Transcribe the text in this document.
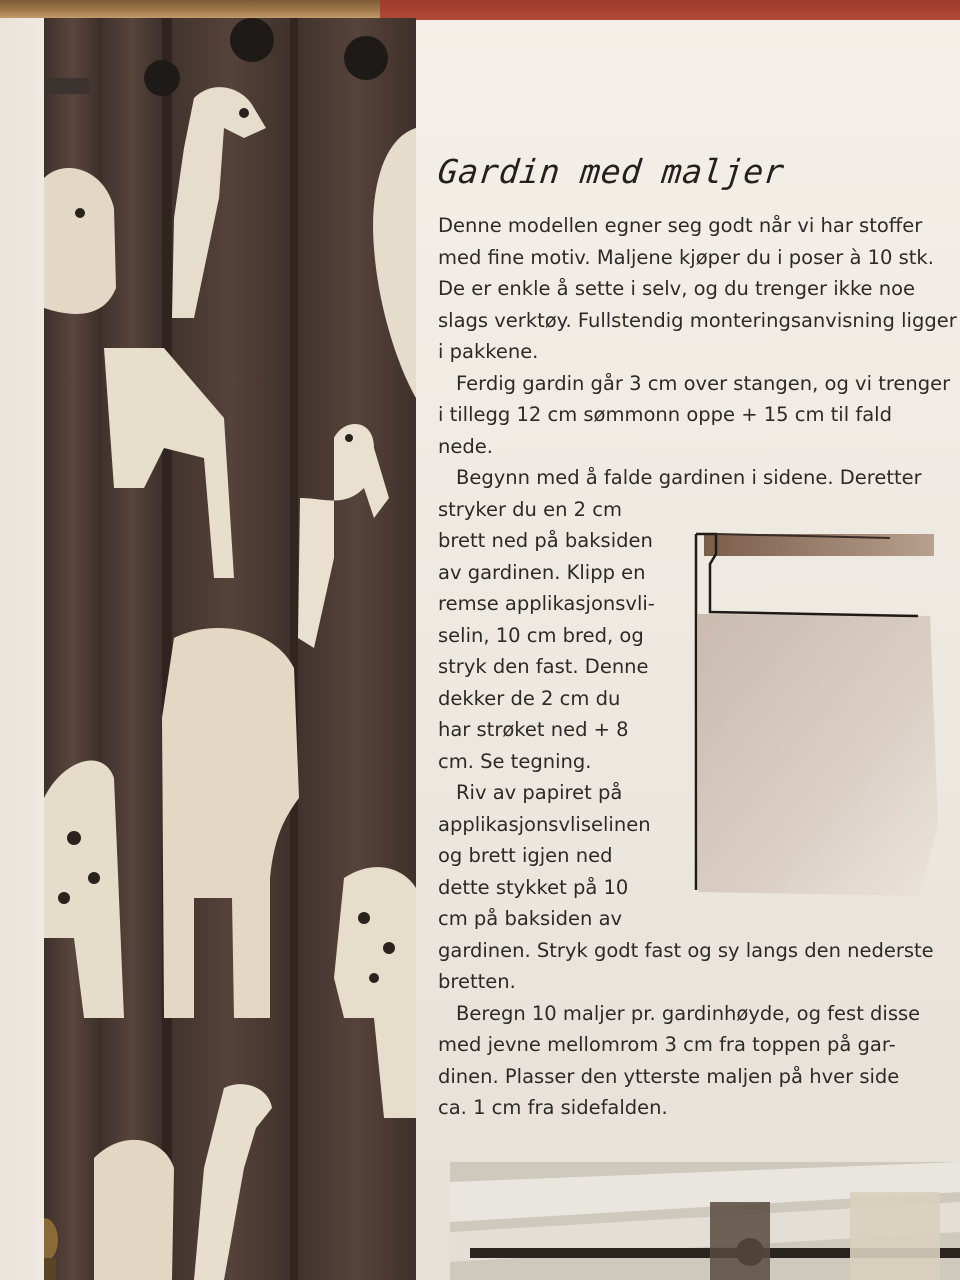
Gardin med maljer
Denne modellen egner seg godt når vi har stoffer
med fine motiv. Maljene kjøper du i poser à 10 stk.
De er enkle å sette i selv, og du trenger ikke noe
slags verktøy. Fullstendig monteringsanvisning ligger
i pakkene.
Ferdig gardin går 3 cm over stangen, og vi trenger
i tillegg 12 cm sømmonn oppe + 15 cm til fald
nede.
Begynn med å falde gardinen i sidene. Deretter
stryker du en 2 cm
brett ned på baksiden
av gardinen. Klipp en
remse applikasjonsvli-
selin, 10 cm bred, og
stryk den fast. Denne
dekker de 2 cm du
har strøket ned + 8
cm. Se tegning.
Riv av papiret på
applikasjonsvliselinen
og brett igjen ned
dette stykket på 10
cm på baksiden av
gardinen. Stryk godt fast og sy langs den nederste
bretten.
Beregn 10 maljer pr. gardinhøyde, og fest disse
med jevne mellomrom 3 cm fra toppen på gar-
dinen. Plasser den ytterste maljen på hver side
ca. 1 cm fra sidefalden.
